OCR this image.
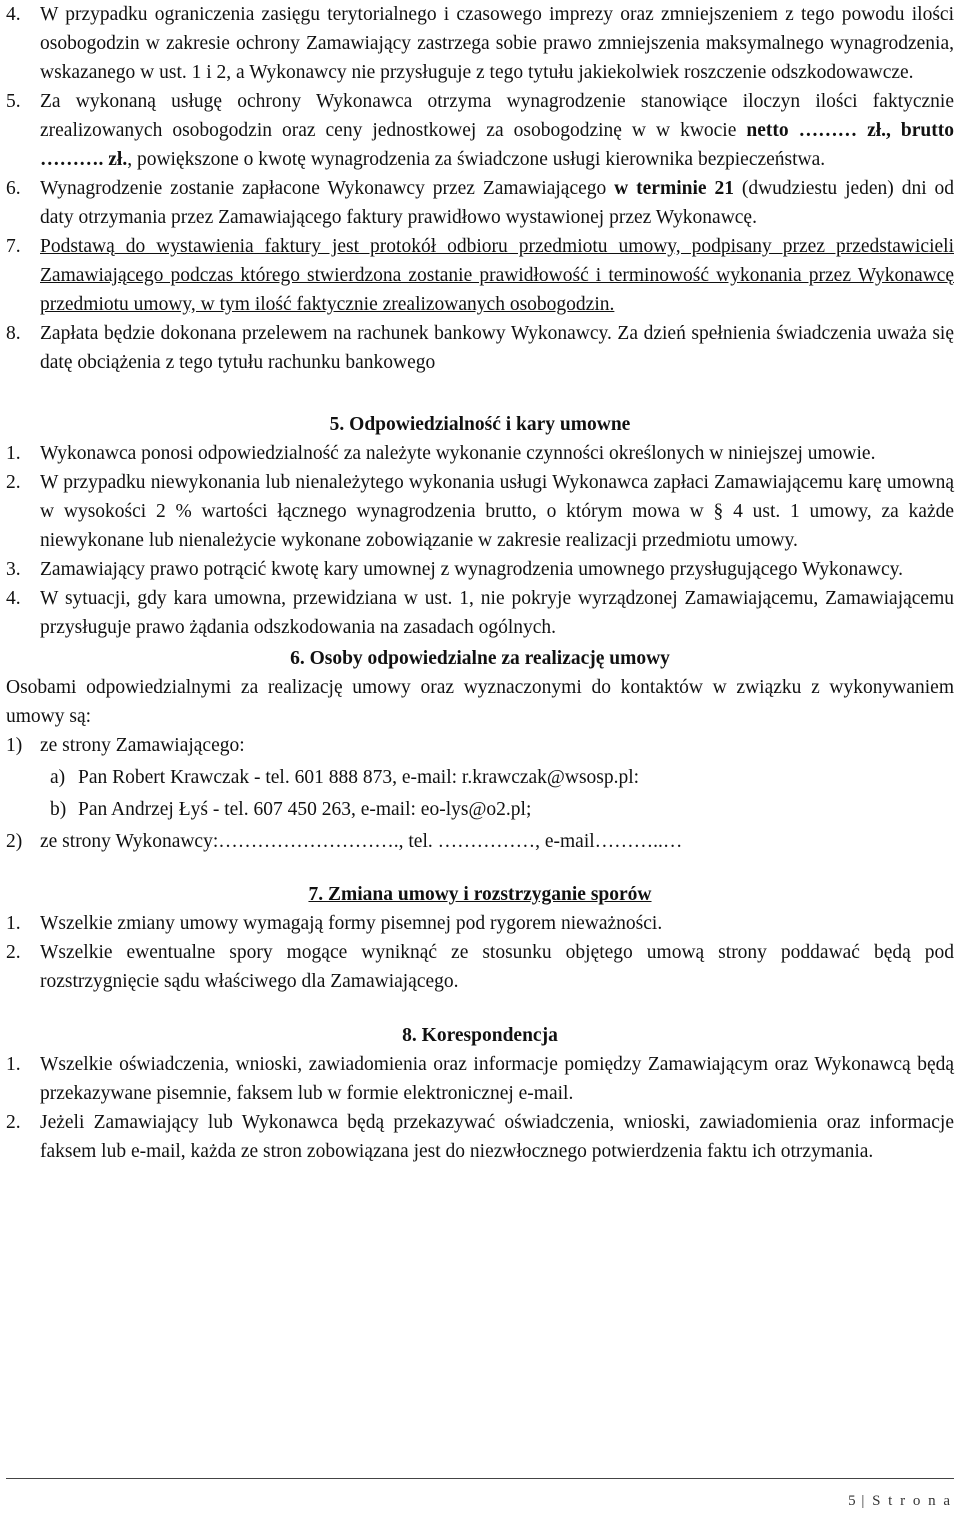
4. W przypadku ograniczenia zasięgu terytorialnego i czasowego imprezy oraz zmniejszeniem z tego powodu ilości osobogodzin w zakresie ochrony Zamawiający zastrzega sobie prawo zmniejszenia maksymalnego wynagrodzenia, wskazanego w ust. 1 i 2, a Wykonawcy nie przysługuje z tego tytułu jakiekolwiek roszczenie odszkodowawcze.
5. Za wykonaną usługę ochrony Wykonawca otrzyma wynagrodzenie stanowiące iloczyn ilości faktycznie zrealizowanych osobogodzin oraz ceny jednostkowej za osobogodzinę w w kwocie netto ……… zł., brutto ………. zł., powiększone o kwotę wynagrodzenia za świadczone usługi kierownika bezpieczeństwa.
6. Wynagrodzenie zostanie zapłacone Wykonawcy przez Zamawiającego w terminie 21 (dwudziestu jeden) dni od daty otrzymania przez Zamawiającego faktury prawidłowo wystawionej przez Wykonawcę.
7. Podstawą do wystawienia faktury jest protokół odbioru przedmiotu umowy, podpisany przez przedstawicieli Zamawiającego podczas którego stwierdzona zostanie prawidłowość i terminowość wykonania przez Wykonawcę przedmiotu umowy, w tym ilość faktycznie zrealizowanych osobogodzin.
8. Zapłata będzie dokonana przelewem na rachunek bankowy Wykonawcy. Za dzień spełnienia świadczenia uważa się datę obciążenia z tego tytułu rachunku bankowego
5. Odpowiedzialność i kary umowne
1. Wykonawca ponosi odpowiedzialność za należyte wykonanie czynności określonych w niniejszej umowie.
2. W przypadku niewykonania lub nienależytego wykonania usługi Wykonawca zapłaci Zamawiającemu karę umowną w wysokości 2 % wartości łącznego wynagrodzenia brutto, o którym mowa w § 4 ust. 1 umowy, za każde niewykonane lub nienależycie wykonane zobowiązanie w zakresie realizacji przedmiotu umowy.
3. Zamawiający prawo potrącić kwotę kary umownej z wynagrodzenia umownego przysługującego Wykonawcy.
4. W sytuacji, gdy kara umowna, przewidziana w ust. 1, nie pokryje wyrządzonej Zamawiającemu, Zamawiającemu przysługuje prawo żądania odszkodowania na zasadach ogólnych.
6. Osoby odpowiedzialne za realizację umowy
Osobami odpowiedzialnymi za realizację umowy oraz wyznaczonymi do kontaktów w związku z wykonywaniem umowy są:
1) ze strony Zamawiającego:
a) Pan Robert Krawczak - tel. 601 888 873, e-mail: r.krawczak@wsosp.pl:
b) Pan Andrzej Łyś - tel. 607 450 263, e-mail: eo-lys@o2.pl;
2) ze strony Wykonawcy:………………………., tel. ……………, e-mail………..…
7. Zmiana umowy i rozstrzyganie sporów
1. Wszelkie zmiany umowy wymagają formy pisemnej pod rygorem nieważności.
2. Wszelkie ewentualne spory mogące wyniknąć ze stosunku objętego umową strony poddawać będą pod rozstrzygnięcie sądu właściwego dla Zamawiającego.
8. Korespondencja
1. Wszelkie oświadczenia, wnioski, zawiadomienia oraz informacje pomiędzy Zamawiającym oraz Wykonawcą będą przekazywane pisemnie, faksem lub w formie elektronicznej e-mail.
2. Jeżeli Zamawiający lub Wykonawca będą przekazywać oświadczenia, wnioski, zawiadomienia oraz informacje faksem lub e-mail, każda ze stron zobowiązana jest do niezwłocznego potwierdzenia faktu ich otrzymania.
5 | S t r o n a
